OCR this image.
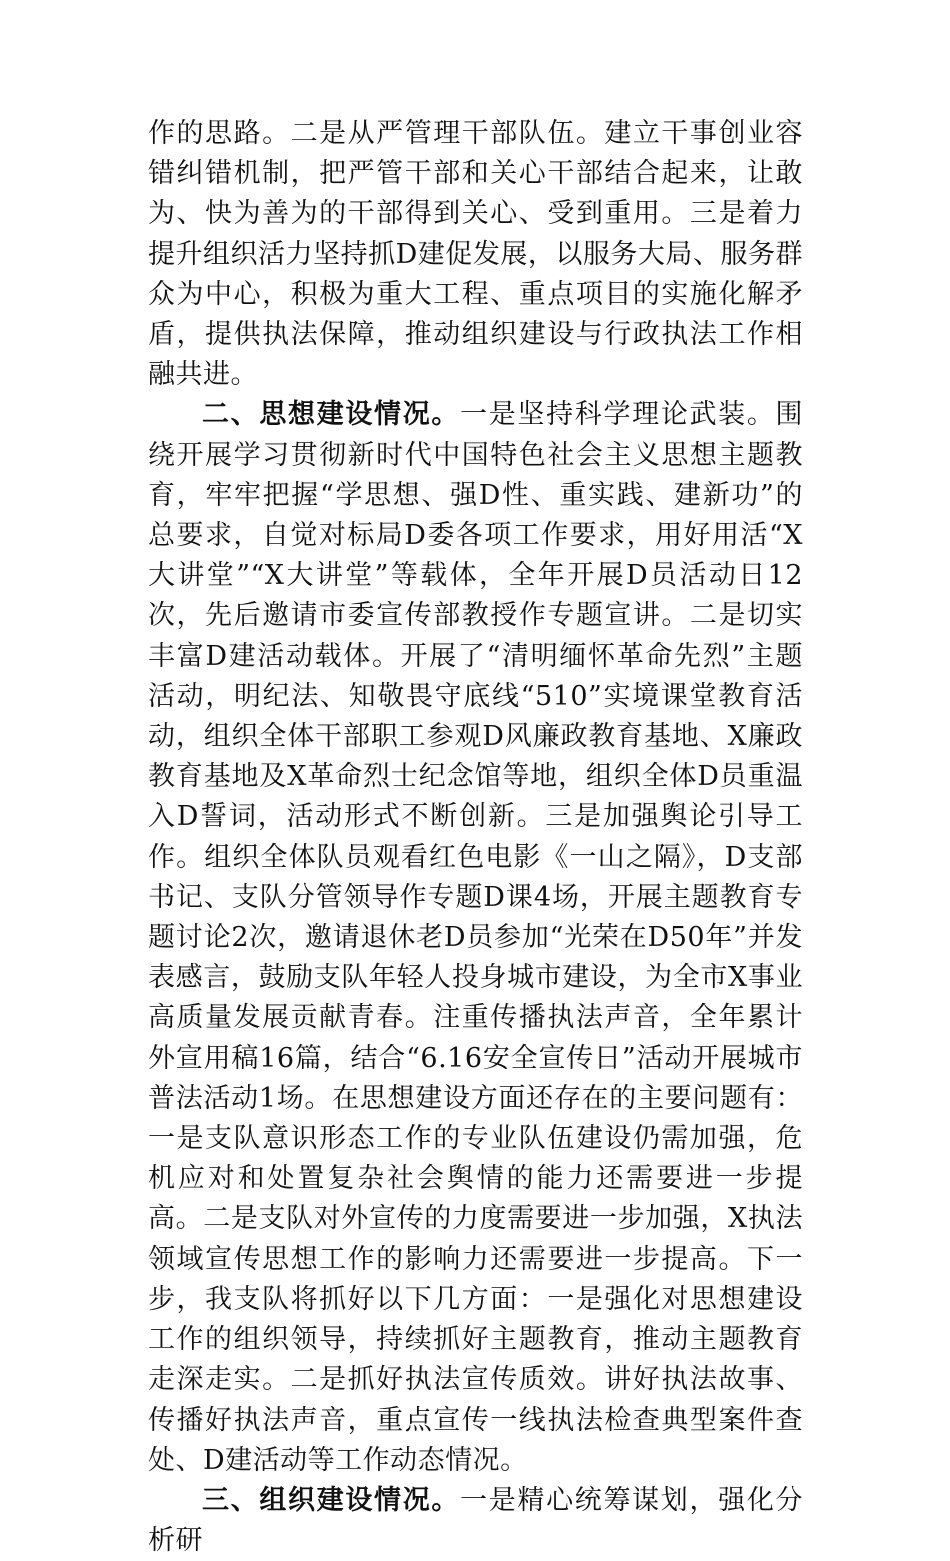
作的思路。二是从严管理干部队伍。建立干事创业容错纠错机制，把严管干部和关心干部结合起来，让敢为、快为善为的干部得到关心、受到重用。三是着力提升组织活力坚持抓D建促发展，以服务大局、服务群众为中心，积极为重大工程、重点项目的实施化解矛盾，提供执法保障，推动组织建设与行政执法工作相融共进。

二、思想建设情况。一是坚持科学理论武装。围绕开展学习贯彻新时代中国特色社会主义思想主题教育，牢牢把握“学思想、强D性、重实践、建新功”的总要求，自觉对标局D委各项工作要求，用好用活“X大讲堂”“X大讲堂”等载体，全年开展D员活动日12次，先后邀请市委宣传部教授作专题宣讲。二是切实丰富D建活动载体。开展了“清明缅怀革命先烈”主题活动，明纪法、知敬畏守底线“510”实境课堂教育活动，组织全体干部职工参观D风廉政教育基地、X廉政教育基地及X革命烈士纪念馆等地，组织全体D员重温入D誓词，活动形式不断创新。三是加强舆论引导工作。组织全体队员观看红色电影《一山之隔》，D支部书记、支队分管领导作专题D课4场，开展主题教育专题讨论2次，邀请退休老D员参加“光荣在D50年”并发表感言，鼓励支队年轻人投身城市建设，为全市X事业高质量发展贡献青春。注重传播执法声音，全年累计外宣用稿16篇，结合“6.16安全宣传日”活动开展城市普法活动1场。在思想建设方面还存在的主要问题有：一是支队意识形态工作的专业队伍建设仍需加强，危机应对和处置复杂社会舆情的能力还需要进一步提高。二是支队对外宣传的力度需要进一步加强，X执法领域宣传思想工作的影响力还需要进一步提高。下一步，我支队将抓好以下几方面：一是强化对思想建设工作的组织领导，持续抓好主题教育，推动主题教育走深走实。二是抓好执法宣传质效。讲好执法故事、传播好执法声音，重点宣传一线执法检查典型案件查处、D建活动等工作动态情况。

三、组织建设情况。一是精心统筹谋划，强化分析研
